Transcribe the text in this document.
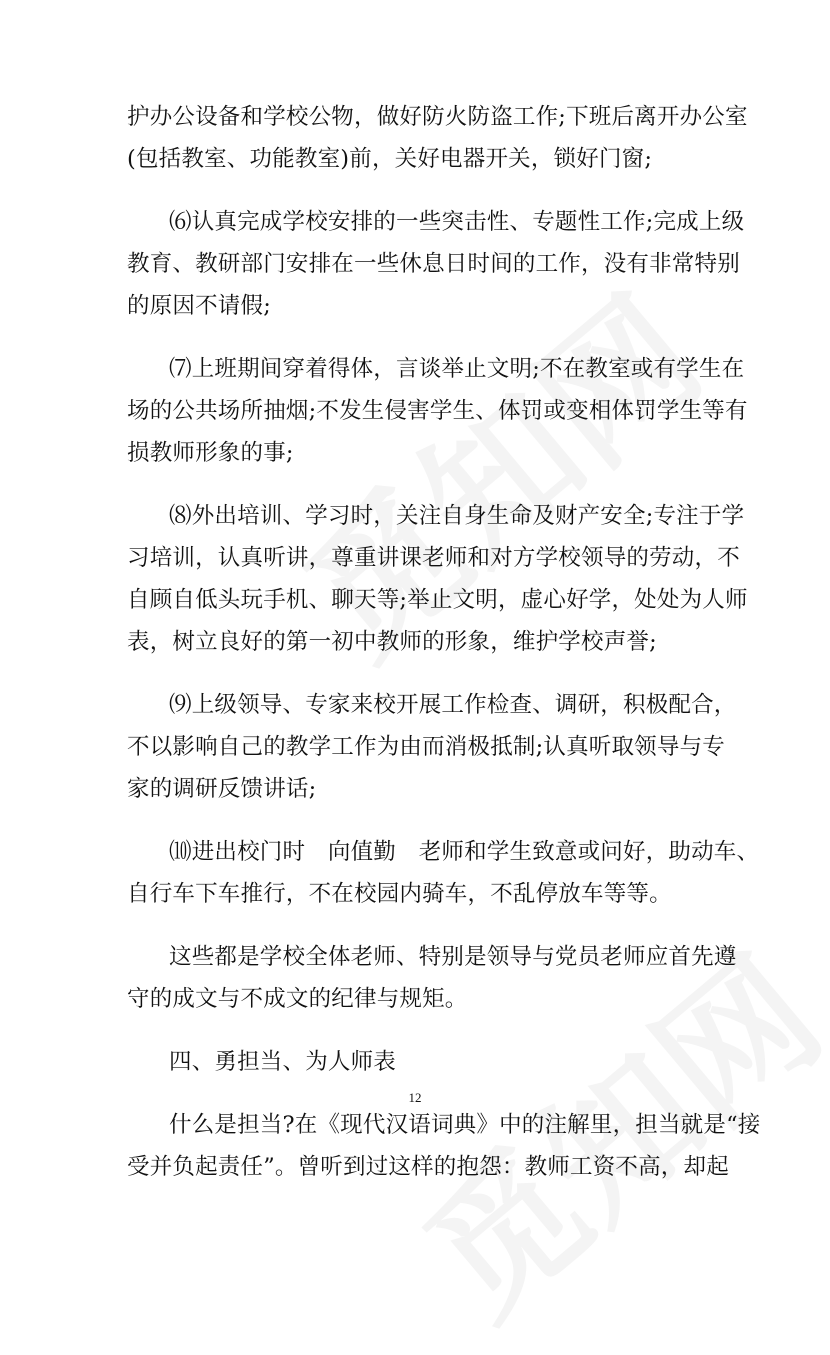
护办公设备和学校公物，做好防火防盗工作;下班后离开办公室
(包括教室、功能教室)前，关好电器开关，锁好门窗;
⑹认真完成学校安排的一些突击性、专题性工作;完成上级
教育、教研部门安排在一些休息日时间的工作，没有非常特别
的原因不请假;
⑺上班期间穿着得体，言谈举止文明;不在教室或有学生在
场的公共场所抽烟;不发生侵害学生、体罚或变相体罚学生等有
损教师形象的事;
⑻外出培训、学习时，关注自身生命及财产安全;专注于学
习培训，认真听讲，尊重讲课老师和对方学校领导的劳动，不
自顾自低头玩手机、聊天等;举止文明，虚心好学，处处为人师
表，树立良好的第一初中教师的形象，维护学校声誉;
⑼上级领导、专家来校开展工作检查、调研，积极配合，
不以影响自己的教学工作为由而消极抵制;认真听取领导与专
家的调研反馈讲话;
⑽进出校门时　向值勤　老师和学生致意或问好，助动车、
自行车下车推行，不在校园内骑车，不乱停放车等等。
这些都是学校全体老师、特别是领导与党员老师应首先遵
守的成文与不成文的纪律与规矩。
四、勇担当、为人师表
什么是担当?在《现代汉语词典》中的注解里，担当就是“接
受并负起责任”。曾听到过这样的抱怨：教师工资不高，却起
12
